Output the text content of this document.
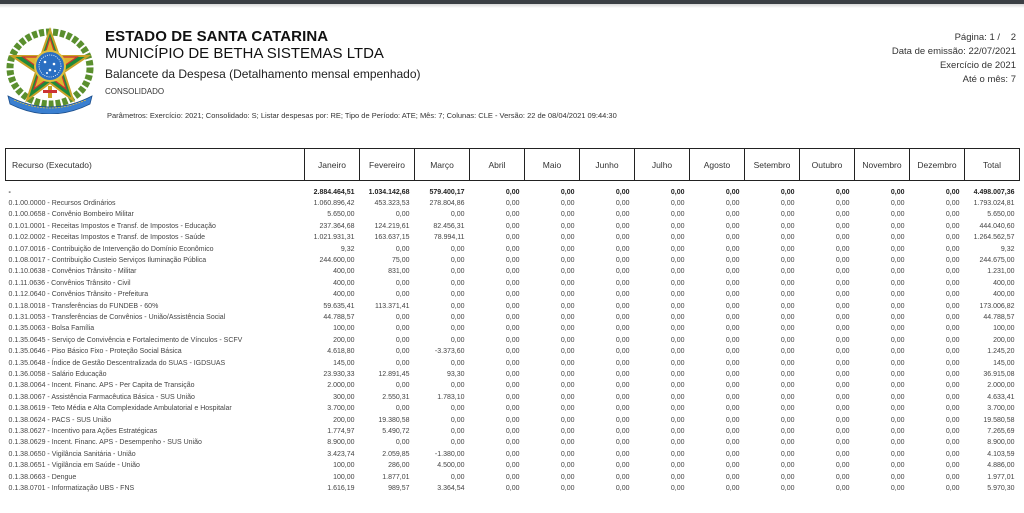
ESTADO DE SANTA CATARINA
MUNICÍPIO DE BETHA SISTEMAS LTDA
Balancete da Despesa (Detalhamento mensal empenhado)
CONSOLIDADO
Parâmetros: Exercício: 2021; Consolidado: S; Listar despesas por: RE; Tipo de Período: ATE; Mês: 7; Colunas: CLE - Versão: 22 de 08/04/2021 09:44:30
Página: 1 / 2
Data de emissão: 22/07/2021
Exercício de 2021
Até o mês: 7
Recurso (Executado)	Janeiro	Fevereiro	Março	Abril	Maio	Junho	Julho	Agosto	Setembro	Outubro	Novembro	Dezembro	Total

-	2.884.464,51	1.034.142,68	579.400,17	0,00	0,00	0,00	0,00	0,00	0,00	0,00	0,00	0,00	4.498.007,36
0.1.00.0000 - Recursos Ordinários	1.060.896,42	453.323,53	278.804,86	0,00	0,00	0,00	0,00	0,00	0,00	0,00	0,00	0,00	1.793.024,81
0.1.00.0658 - Convênio Bombeiro Militar	5.650,00	0,00	0,00	0,00	0,00	0,00	0,00	0,00	0,00	0,00	0,00	0,00	5.650,00
0.1.01.0001 - Receitas Impostos e Transf. de Impostos - Educação	237.364,68	124.219,61	82.456,31	0,00	0,00	0,00	0,00	0,00	0,00	0,00	0,00	0,00	444.040,60
0.1.02.0002 - Receitas Impostos e Transf. de Impostos - Saúde	1.021.931,31	163.637,15	78.994,11	0,00	0,00	0,00	0,00	0,00	0,00	0,00	0,00	0,00	1.264.562,57
0.1.07.0016 - Contribuição de Intervenção do Domínio Econômico	9,32	0,00	0,00	0,00	0,00	0,00	0,00	0,00	0,00	0,00	0,00	0,00	9,32
0.1.08.0017 - Contribuição Custeio Serviços Iluminação Pública	244.600,00	75,00	0,00	0,00	0,00	0,00	0,00	0,00	0,00	0,00	0,00	0,00	244.675,00
0.1.10.0638 - Convênios Trânsito - Militar	400,00	831,00	0,00	0,00	0,00	0,00	0,00	0,00	0,00	0,00	0,00	0,00	1.231,00
0.1.11.0636 - Convênios Trânsito - Civil	400,00	0,00	0,00	0,00	0,00	0,00	0,00	0,00	0,00	0,00	0,00	0,00	400,00
0.1.12.0640 - Convênios Trânsito - Prefeitura	400,00	0,00	0,00	0,00	0,00	0,00	0,00	0,00	0,00	0,00	0,00	0,00	400,00
0.1.18.0018 - Transferências do FUNDEB - 60%	59.635,41	113.371,41	0,00	0,00	0,00	0,00	0,00	0,00	0,00	0,00	0,00	0,00	173.006,82
0.1.31.0053 - Transferências de Convênios - União/Assistência Social	44.788,57	0,00	0,00	0,00	0,00	0,00	0,00	0,00	0,00	0,00	0,00	0,00	44.788,57
0.1.35.0063 - Bolsa Família	100,00	0,00	0,00	0,00	0,00	0,00	0,00	0,00	0,00	0,00	0,00	0,00	100,00
0.1.35.0645 - Serviço de Convivência e Fortalecimento de Vínculos - SCFV	200,00	0,00	0,00	0,00	0,00	0,00	0,00	0,00	0,00	0,00	0,00	0,00	200,00
0.1.35.0646 - Piso Básico Fixo - Proteção Social Básica	4.618,80	0,00	-3.373,60	0,00	0,00	0,00	0,00	0,00	0,00	0,00	0,00	0,00	1.245,20
0.1.35.0648 - Índice de Gestão Descentralizada do SUAS - IGDSUAS	145,00	0,00	0,00	0,00	0,00	0,00	0,00	0,00	0,00	0,00	0,00	0,00	145,00
0.1.36.0058 - Salário Educação	23.930,33	12.891,45	93,30	0,00	0,00	0,00	0,00	0,00	0,00	0,00	0,00	0,00	36.915,08
0.1.38.0064 - Incent. Financ. APS - Per Capita de Transição	2.000,00	0,00	0,00	0,00	0,00	0,00	0,00	0,00	0,00	0,00	0,00	0,00	2.000,00
0.1.38.0067 - Assistência Farmacêutica Básica - SUS União	300,00	2.550,31	1.783,10	0,00	0,00	0,00	0,00	0,00	0,00	0,00	0,00	0,00	4.633,41
0.1.38.0619 - Teto Média e Alta Complexidade Ambulatorial e Hospitalar	3.700,00	0,00	0,00	0,00	0,00	0,00	0,00	0,00	0,00	0,00	0,00	0,00	3.700,00
0.1.38.0624 - PACS - SUS União	200,00	19.380,58	0,00	0,00	0,00	0,00	0,00	0,00	0,00	0,00	0,00	0,00	19.580,58
0.1.38.0627 - Incentivo para Ações Estratégicas	1.774,97	5.490,72	0,00	0,00	0,00	0,00	0,00	0,00	0,00	0,00	0,00	0,00	7.265,69
0.1.38.0629 - Incent. Financ. APS - Desempenho - SUS União	8.900,00	0,00	0,00	0,00	0,00	0,00	0,00	0,00	0,00	0,00	0,00	0,00	8.900,00
0.1.38.0650 - Vigilância Sanitária - União	3.423,74	2.059,85	-1.380,00	0,00	0,00	0,00	0,00	0,00	0,00	0,00	0,00	0,00	4.103,59
0.1.38.0651 - Vigilância em Saúde - União	100,00	286,00	4.500,00	0,00	0,00	0,00	0,00	0,00	0,00	0,00	0,00	0,00	4.886,00
0.1.38.0663 - Dengue	100,00	1.877,01	0,00	0,00	0,00	0,00	0,00	0,00	0,00	0,00	0,00	0,00	1.977,01
0.1.38.0701 - Informatização UBS - FNS	1.616,19	989,57	3.364,54	0,00	0,00	0,00	0,00	0,00	0,00	0,00	0,00	0,00	5.970,30
